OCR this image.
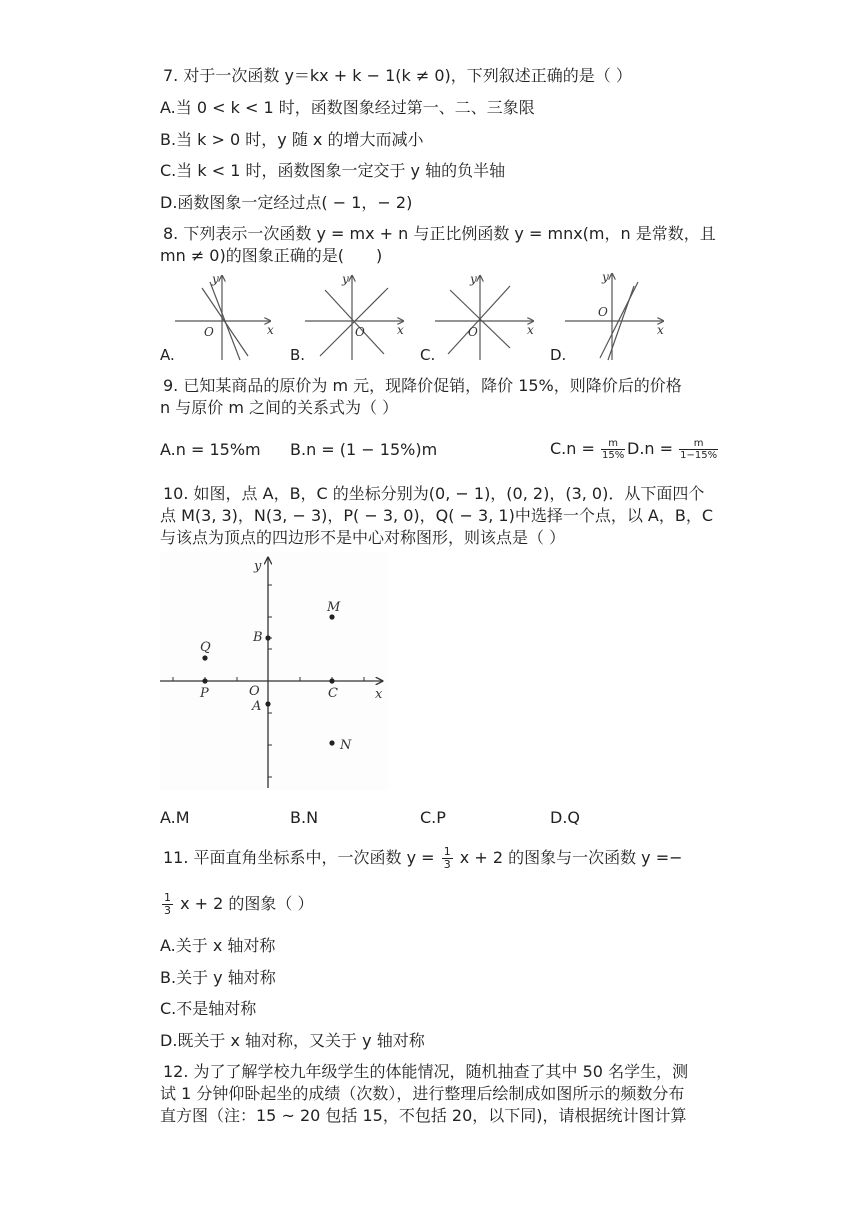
7. 对于一次函数 y＝kx + k − 1(k ≠ 0)，下列叙述正确的是（ ）
A.当 0 < k < 1 时，函数图象经过第一、二、三象限
B.当 k > 0 时，y 随 x 的增大而减小
C.当 k < 1 时，函数图象一定交于 y 轴的负半轴
D.函数图象一定经过点( − 1，− 2)
8. 下列表示一次函数 y = mx + n 与正比例函数 y = mnx(m，n 是常数，且
mn ≠ 0)的图象正确的是(　　)
y
x
O
y
x
O
y
x
O
y
x
O
A.	B.	C.	D.
9. 已知某商品的原价为 m 元，现降价促销，降价 15%，则降价后的价格
n 与原价 m 之间的关系式为（ ）
A.n = 15%m B.n = (1 − 15%)m	$C.n = \frac{m}{15\%} D.n = \frac{m}{1-15\%}$
10. 如图，点 A，B，C 的坐标分别为(0, − 1)，(0, 2)，(3, 0)．从下面四个
点 M(3, 3)，N(3, − 3)，P( − 3, 0)，Q( − 3, 1)中选择一个点，以 A，B，C
与该点为顶点的四边形不是中心对称图形，则该点是（ ）
y
x
O
M
B
Q
P	C
A
N
A.M	B.N	C.P	D.Q
11. 平面直角坐标系中，一次函数 $y = \frac{1}{3}$ x + 2 的图象与一次函数 y =−
$\frac{1}{3}$ x + 2 的图象（ ）
A.关于 x 轴对称
B.关于 y 轴对称
C.不是轴对称
D.既关于 x 轴对称，又关于 y 轴对称
12. 为了了解学校九年级学生的体能情况，随机抽查了其中 50 名学生，测
试 1 分钟仰卧起坐的成绩（次数），进行整理后绘制成如图所示的频数分布
直方图（注：15 ~ 20 包括 15，不包括 20，以下同)，请根据统计图计算
